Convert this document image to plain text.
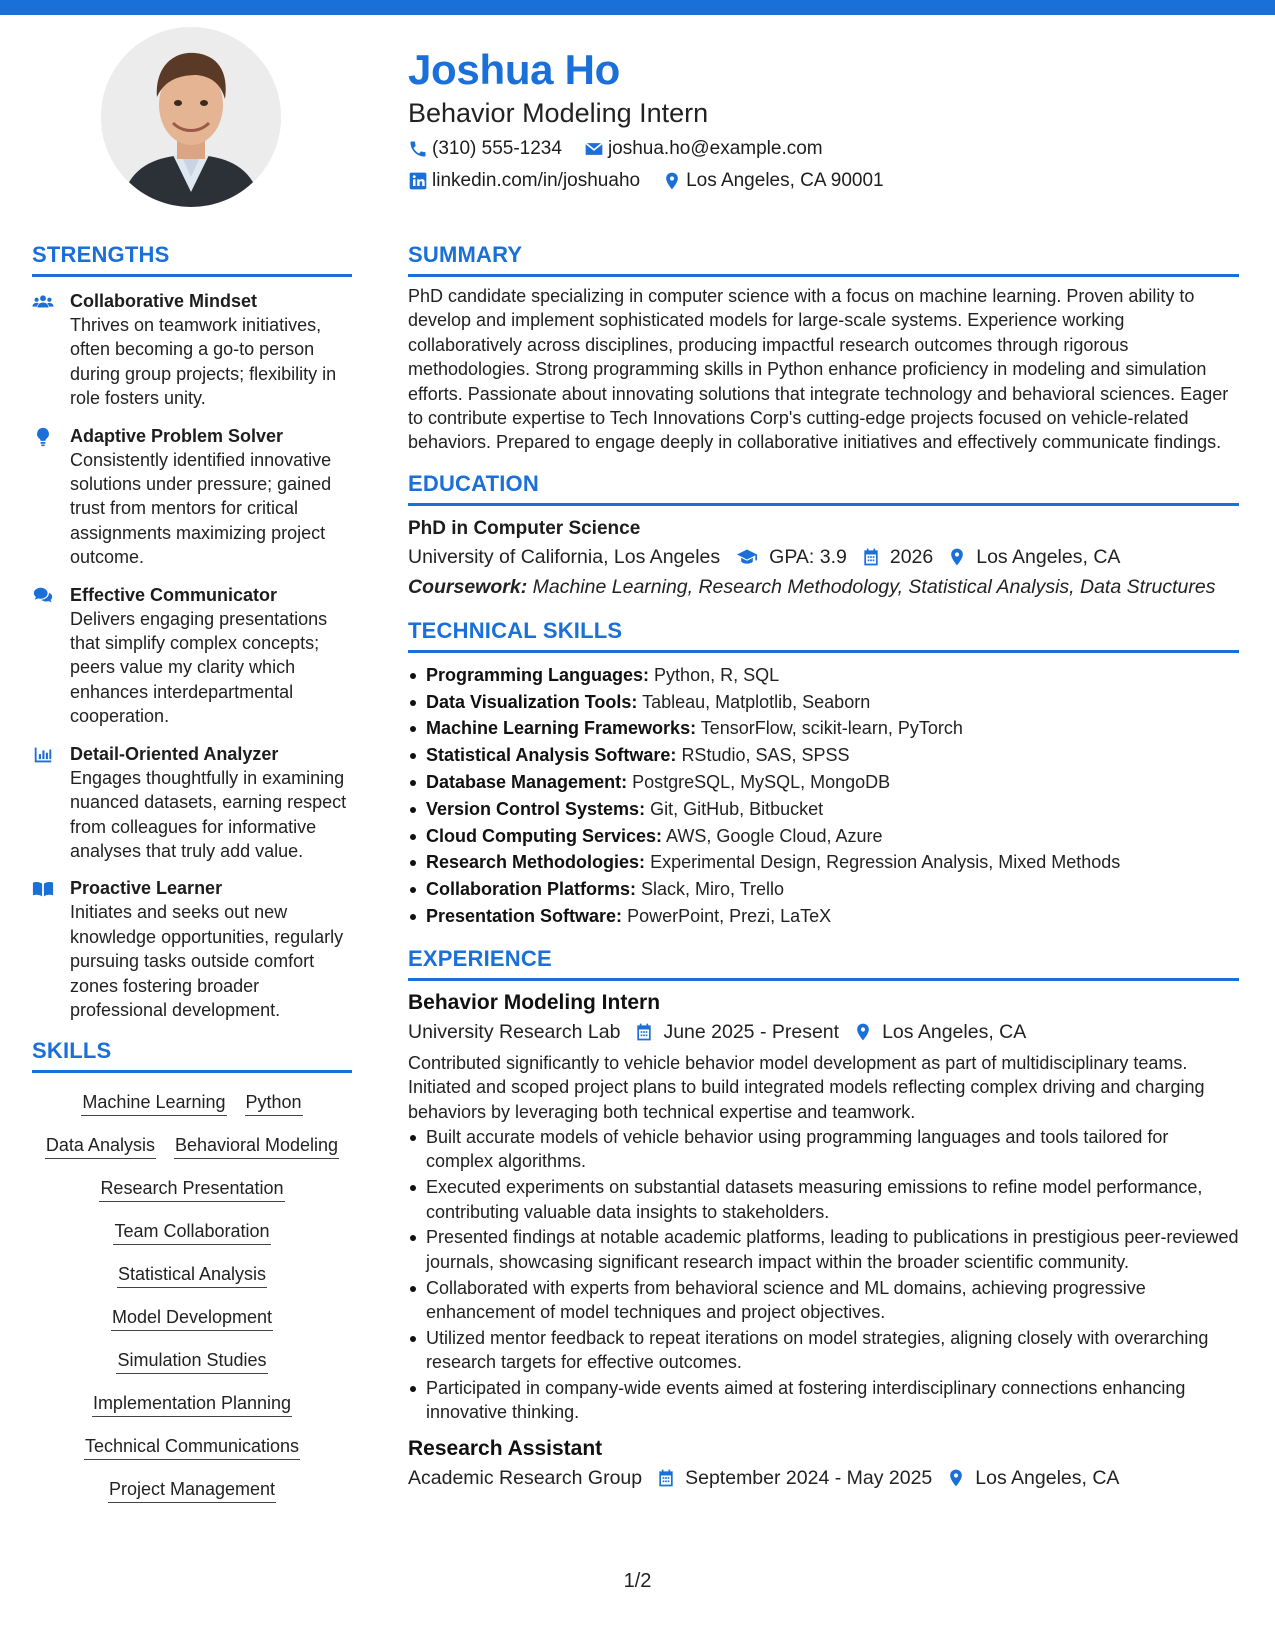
Joshua Ho
Behavior Modeling Intern
(310) 555-1234 joshua.ho@example.com
linkedin.com/in/joshuaho Los Angeles, CA 90001
STRENGTHS
Collaborative Mindset
Thrives on teamwork initiatives, often becoming a go-to person during group projects; flexibility in role fosters unity.
Adaptive Problem Solver
Consistently identified innovative solutions under pressure; gained trust from mentors for critical assignments maximizing project outcome.
Effective Communicator
Delivers engaging presentations that simplify complex concepts; peers value my clarity which enhances interdepartmental cooperation.
Detail-Oriented Analyzer
Engages thoughtfully in examining nuanced datasets, earning respect from colleagues for informative analyses that truly add value.
Proactive Learner
Initiates and seeks out new knowledge opportunities, regularly pursuing tasks outside comfort zones fostering broader professional development.
SKILLS
Machine Learning Python
Data Analysis Behavioral Modeling
Research Presentation
Team Collaboration
Statistical Analysis
Model Development
Simulation Studies
Implementation Planning
Technical Communications
Project Management
SUMMARY
PhD candidate specializing in computer science with a focus on machine learning. Proven ability to develop and implement sophisticated models for large-scale systems. Experience working collaboratively across disciplines, producing impactful research outcomes through rigorous methodologies. Strong programming skills in Python enhance proficiency in modeling and simulation efforts. Passionate about innovating solutions that integrate technology and behavioral sciences. Eager to contribute expertise to Tech Innovations Corp's cutting-edge projects focused on vehicle-related behaviors. Prepared to engage deeply in collaborative initiatives and effectively communicate findings.
EDUCATION
PhD in Computer Science
University of California, Los Angeles	GPA: 3.9 2026 Los Angeles, CA
Coursework: Machine Learning, Research Methodology, Statistical Analysis, Data Structures
TECHNICAL SKILLS
Programming Languages: Python, R, SQL
Data Visualization Tools: Tableau, Matplotlib, Seaborn
Machine Learning Frameworks: TensorFlow, scikit-learn, PyTorch
Statistical Analysis Software: RStudio, SAS, SPSS
Database Management: PostgreSQL, MySQL, MongoDB
Version Control Systems: Git, GitHub, Bitbucket
Cloud Computing Services: AWS, Google Cloud, Azure
Research Methodologies: Experimental Design, Regression Analysis, Mixed Methods
Collaboration Platforms: Slack, Miro, Trello
Presentation Software: PowerPoint, Prezi, LaTeX
EXPERIENCE
Behavior Modeling Intern
University Research Lab June 2025 - Present Los Angeles, CA
Contributed significantly to vehicle behavior model development as part of multidisciplinary teams. Initiated and scoped project plans to build integrated models reflecting complex driving and charging behaviors by leveraging both technical expertise and teamwork.
Built accurate models of vehicle behavior using programming languages and tools tailored for complex algorithms.
Executed experiments on substantial datasets measuring emissions to refine model performance, contributing valuable data insights to stakeholders.
Presented findings at notable academic platforms, leading to publications in prestigious peer-reviewed journals, showcasing significant research impact within the broader scientific community.
Collaborated with experts from behavioral science and ML domains, achieving progressive enhancement of model techniques and project objectives.
Utilized mentor feedback to repeat iterations on model strategies, aligning closely with overarching research targets for effective outcomes.
Participated in company-wide events aimed at fostering interdisciplinary connections enhancing innovative thinking.
Research Assistant
Academic Research Group September 2024 - May 2025 Los Angeles, CA
1/2
